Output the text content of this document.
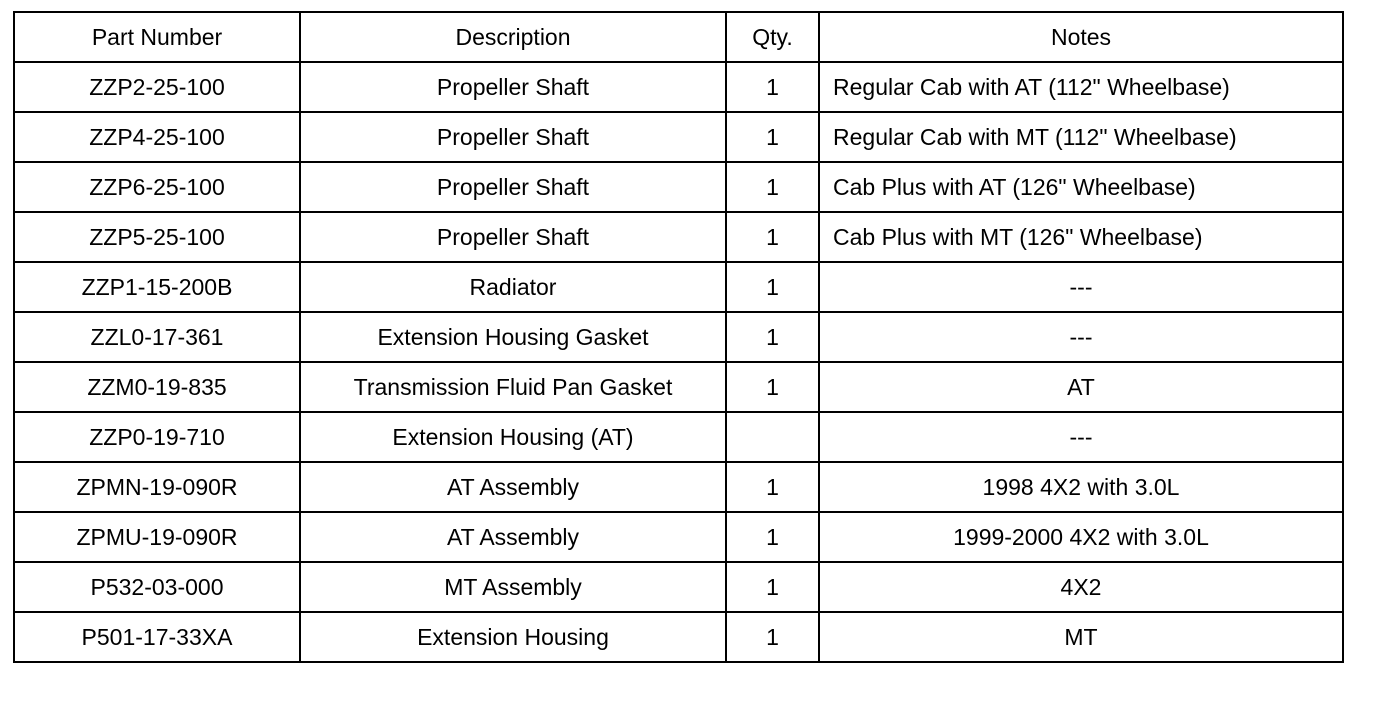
Part Number	Description	Qty.	Notes
ZZP2-25-100	Propeller Shaft	1	Regular Cab with AT (112" Wheelbase)
ZZP4-25-100	Propeller Shaft	1	Regular Cab with MT (112" Wheelbase)
ZZP6-25-100	Propeller Shaft	1	Cab Plus with AT (126" Wheelbase)
ZZP5-25-100	Propeller Shaft	1	Cab Plus with MT (126" Wheelbase)
ZZP1-15-200B	Radiator	1	---
ZZL0-17-361	Extension Housing Gasket	1	---
ZZM0-19-835	Transmission Fluid Pan Gasket	1	AT
ZZP0-19-710	Extension Housing (AT)		---
ZPMN-19-090R	AT Assembly	1	1998 4X2 with 3.0L
ZPMU-19-090R	AT Assembly	1	1999-2000 4X2 with 3.0L
P532-03-000	MT Assembly	1	4X2
P501-17-33XA	Extension Housing	1	MT
